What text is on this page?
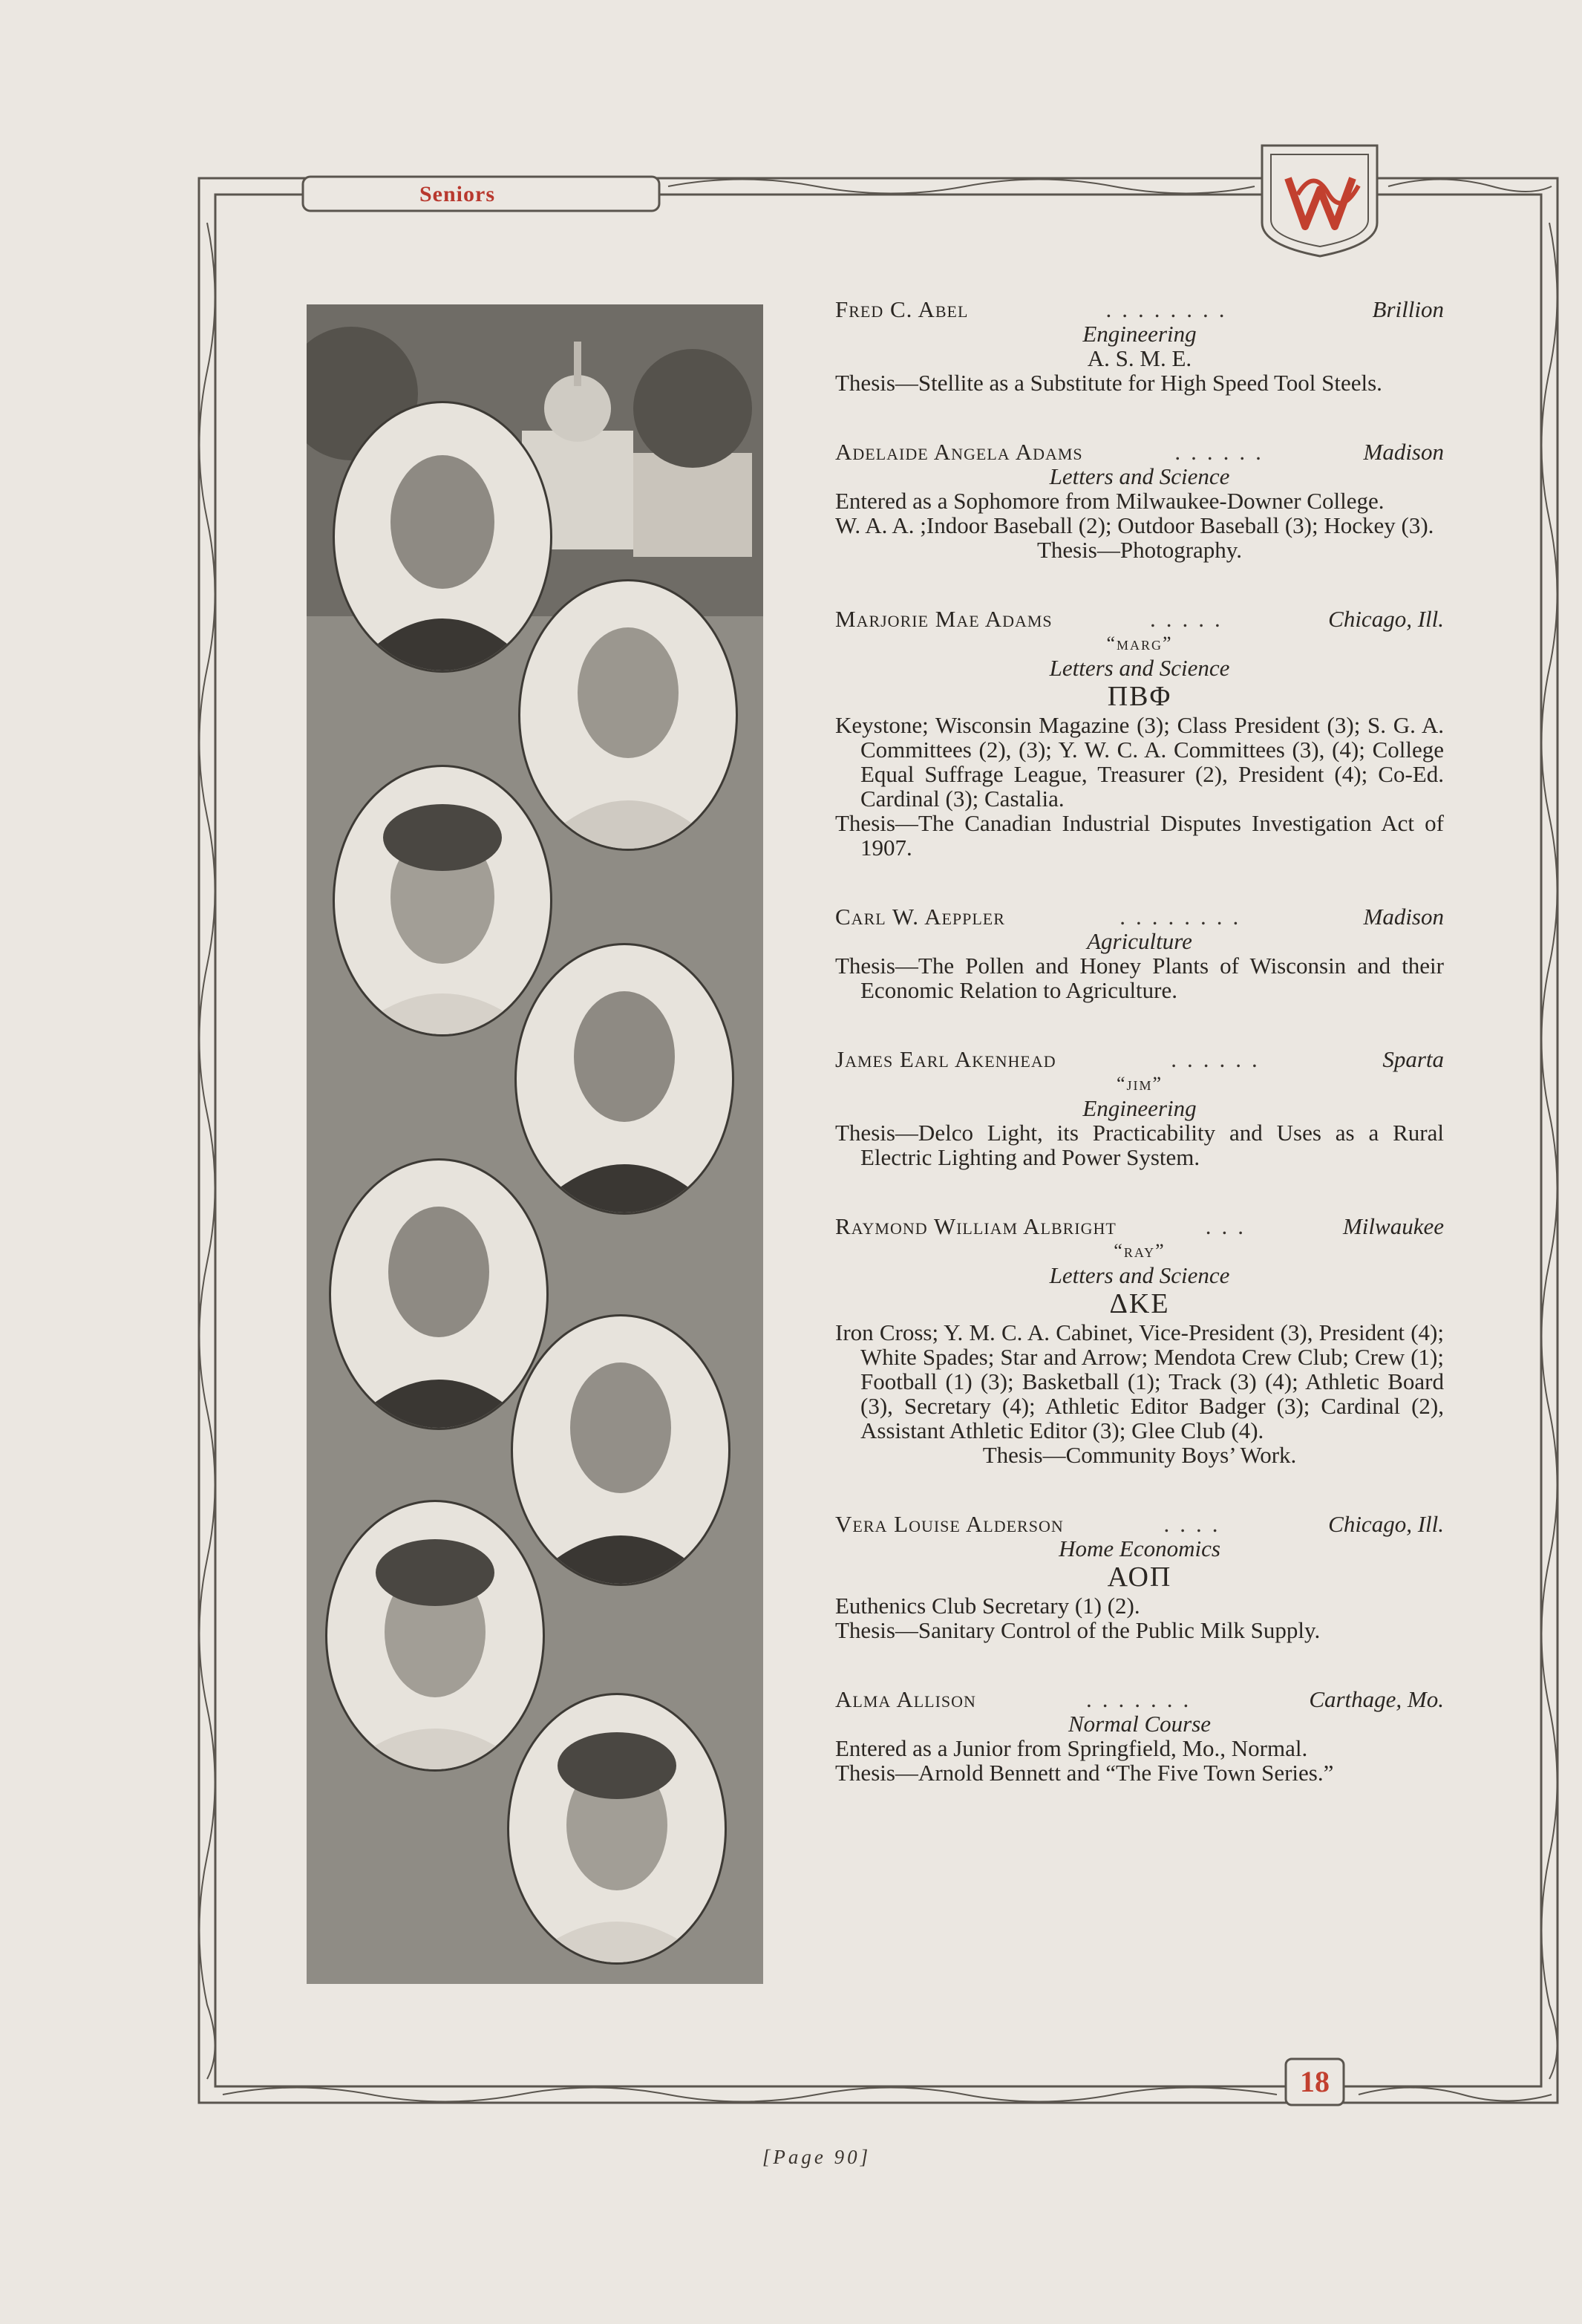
Seniors
18
Fred C. Abel	........	Brillion
Engineering
A. S. M. E.
Thesis—Stellite as a Substitute for High Speed Tool Steels.
Adelaide Angela Adams	......	Madison
Letters and Science
Entered as a Sophomore from Milwaukee-Downer College.
W. A. A. ;Indoor Baseball (2); Outdoor Baseball (3); Hockey (3).
Thesis—Photography.
Marjorie Mae Adams	.....	Chicago, Ill.
“marg”
Letters and Science
ΠΒΦ
Keystone; Wisconsin Magazine (3); Class President (3); S. G. A. Committees (2), (3); Y. W. C. A. Committees (3), (4); College Equal Suffrage League, Treasurer (2), President (4); Co-Ed. Cardinal (3); Castalia.
Thesis—The Canadian Industrial Disputes Investigation Act of 1907.
Carl W. Aeppler	........	Madison
Agriculture
Thesis—The Pollen and Honey Plants of Wisconsin and their Economic Relation to Agriculture.
James Earl Akenhead	......	Sparta
“jim”
Engineering
Thesis—Delco Light, its Practicability and Uses as a Rural Electric Lighting and Power System.
Raymond William Albright	...	Milwaukee
“ray”
Letters and Science
ΔΚΕ
Iron Cross; Y. M. C. A. Cabinet, Vice-President (3), President (4); White Spades; Star and Arrow; Mendota Crew Club; Crew (1); Football (1) (3); Basketball (1); Track (3) (4); Athletic Board (3), Secretary (4); Athletic Editor Badger (3); Cardinal (2), Assistant Athletic Editor (3); Glee Club (4).
Thesis—Community Boys’ Work.
Vera Louise Alderson	....	Chicago, Ill.
Home Economics
ΑΟΠ
Euthenics Club Secretary (1) (2).
Thesis—Sanitary Control of the Public Milk Supply.
Alma Allison	.......	Carthage, Mo.
Normal Course
Entered as a Junior from Springfield, Mo., Normal.
Thesis—Arnold Bennett and “The Five Town Series.”
[Page 90]
